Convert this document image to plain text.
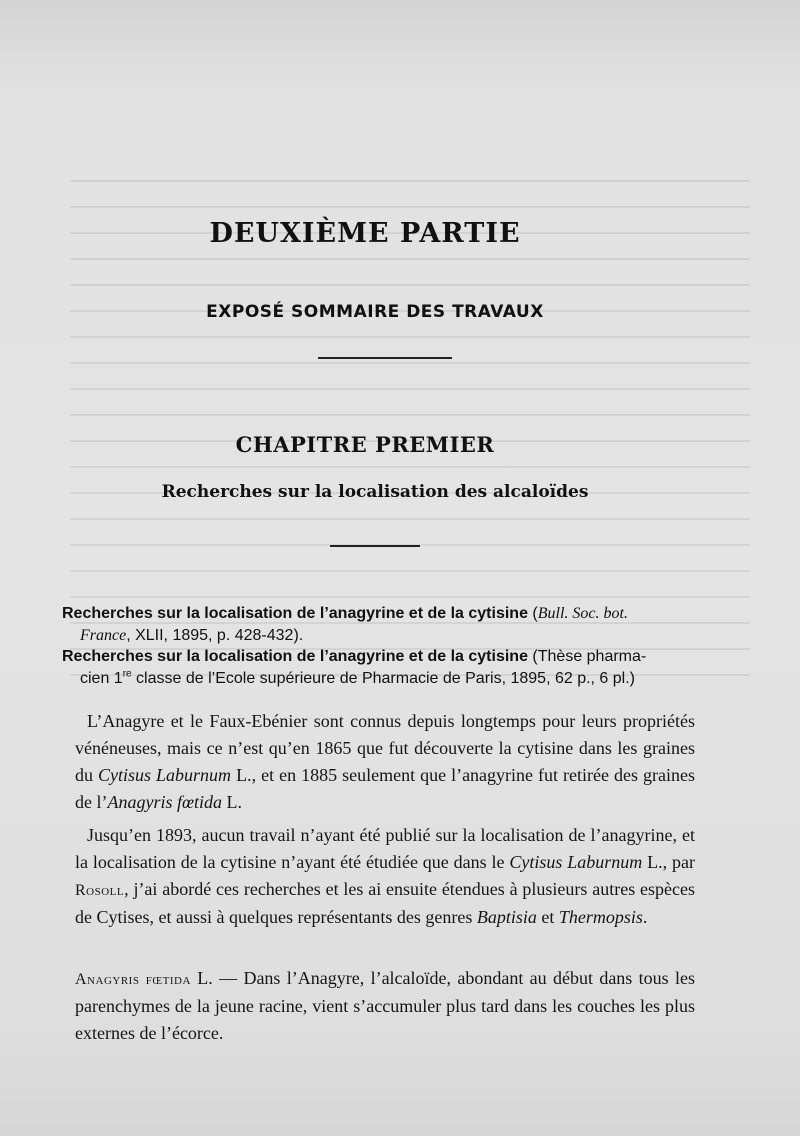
DEUXIÈME PARTIE
EXPOSÉ SOMMAIRE DES TRAVAUX
CHAPITRE PREMIER
Recherches sur la localisation des alcaloïdes
Recherches sur la localisation de l’anagyrine et de la cytisine (Bull. Soc. bot.
France, XLII, 1895, p. 428-432).
Recherches sur la localisation de l’anagyrine et de la cytisine (Thèse pharma-
cien 1re classe de l’Ecole supérieure de Pharmacie de Paris, 1895, 62 p., 6 pl.)

L’Anagyre et le Faux-Ebénier sont connus depuis longtemps pour leurs propriétés vénéneuses, mais ce n’est qu’en 1865 que fut découverte la cytisine dans les graines du Cytisus Laburnum L., et en 1885 seulement que l’anagyrine fut retirée des graines de l’Anagyris fœtida L.

Jusqu’en 1893, aucun travail n’ayant été publié sur la localisation de l’anagyrine, et la localisation de la cytisine n’ayant été étudiée que dans le Cytisus Laburnum L., par Rosoll, j’ai abordé ces recherches et les ai ensuite étendues à plusieurs autres espèces de Cytises, et aussi à quelques représentants des genres Baptisia et Thermopsis.

Anagyris fœtida L. — Dans l’Anagyre, l’alcaloïde, abondant au début dans tous les parenchymes de la jeune racine, vient s’accumuler plus tard dans les couches les plus externes de l’écorce.
